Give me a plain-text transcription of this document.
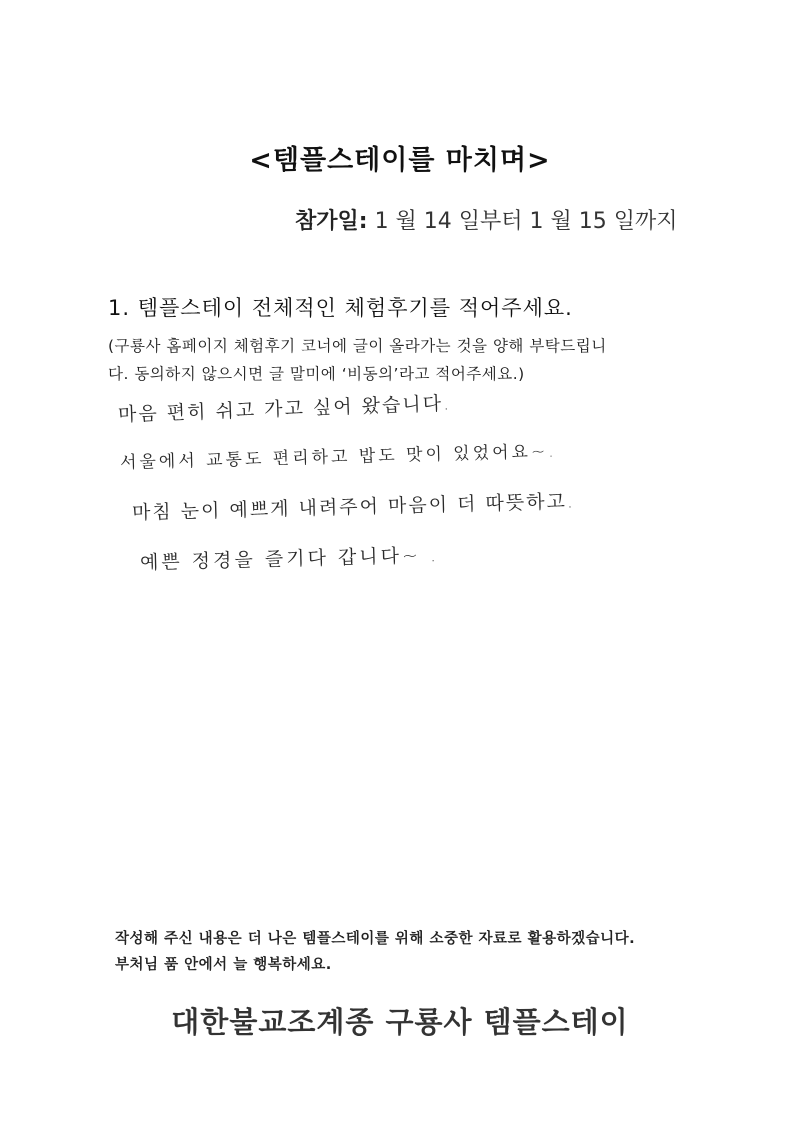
<템플스테이를 마치며>
참가일: 1 월 14 일부터 1 월 15 일까지
1. 템플스테이 전체적인 체험후기를 적어주세요.
(구룡사 홈페이지 체험후기 코너에 글이 올라가는 것을 양해 부탁드립니
다. 동의하지 않으시면 글 말미에 ‘비동의’라고 적어주세요.)
마음 편히 쉬고 가고 싶어 왔습니다.
서울에서 교통도 편리하고 밥도 맛이 있었어요~.
마침 눈이 예쁘게 내려주어 마음이 더 따뜻하고.
예쁜 정경을 즐기다 갑니다~ .
작성해 주신 내용은 더 나은 템플스테이를 위해 소중한 자료로 활용하겠습니다.
부처님 품 안에서 늘 행복하세요.
대한불교조계종 구룡사 템플스테이
